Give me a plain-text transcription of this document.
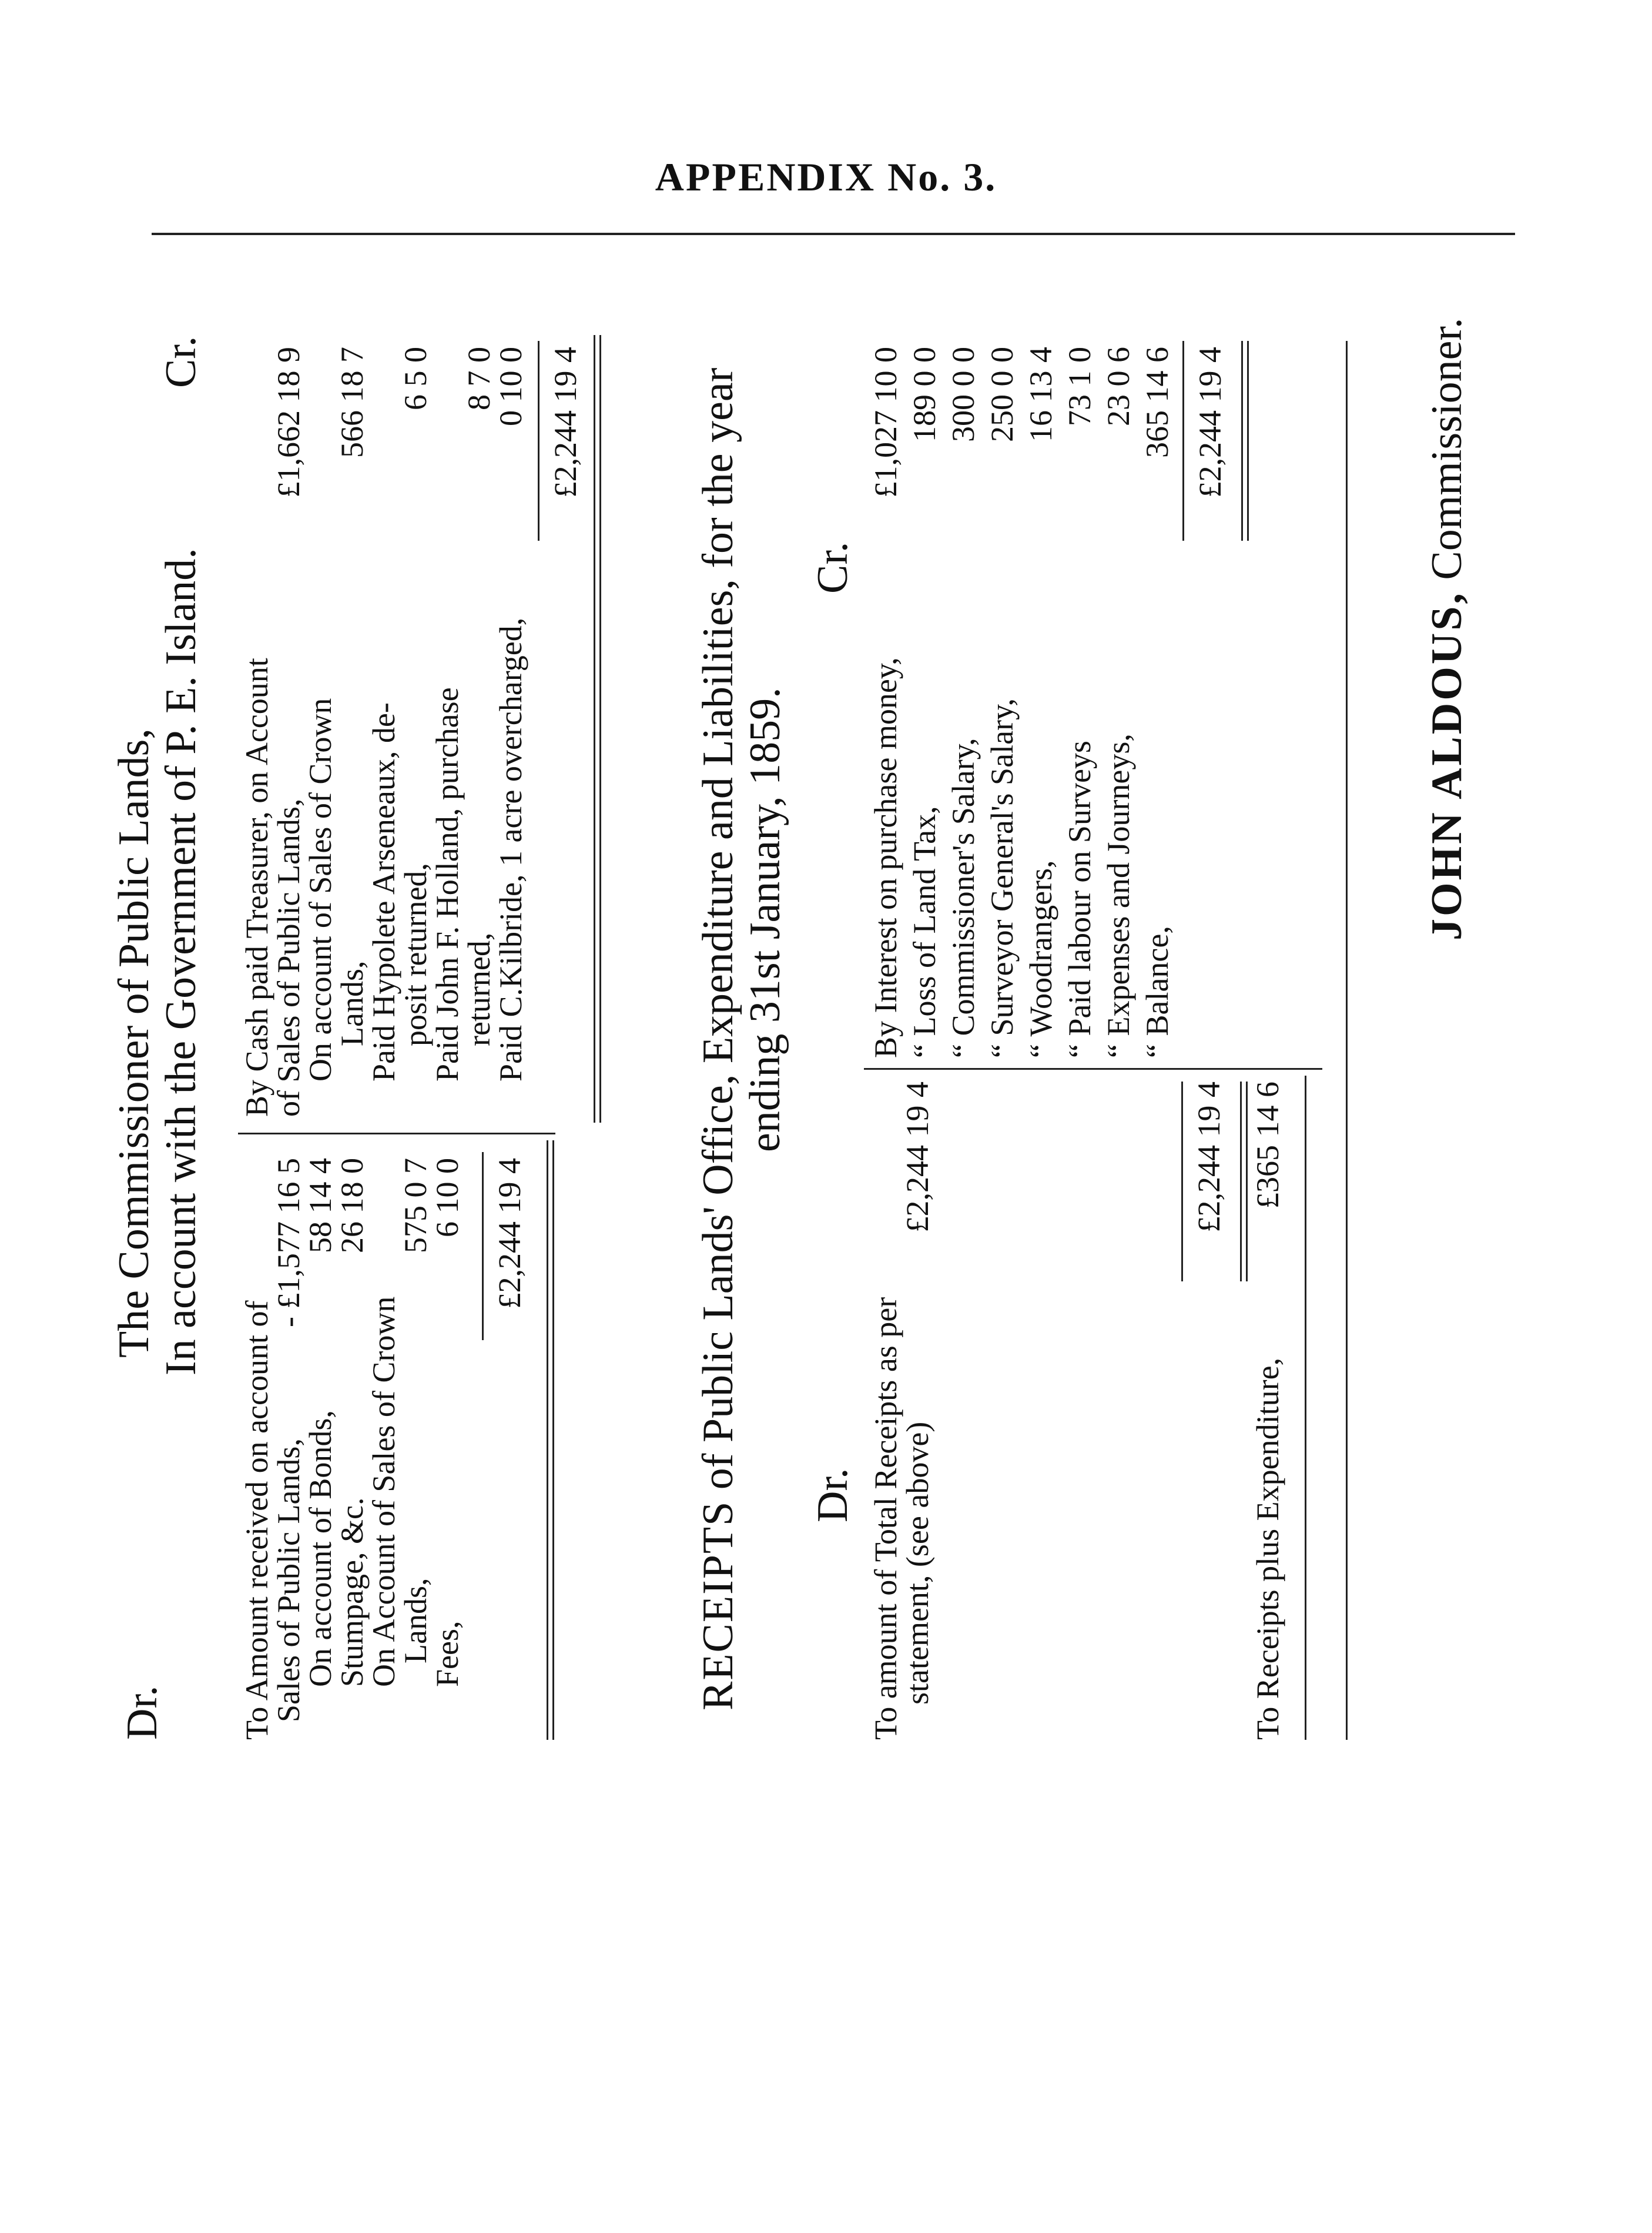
APPENDIX No. 3.
Dr.
The Commissioner of Public Lands,
In account with the Government of P. E. Island.
Cr.
To Amount received on account of
Sales of Public Lands,
- £1,577 16 5
On account of Bonds,
58 14 4
Stumpage, &c.
26 18 0
On Account of Sales of Crown
Lands,
575 0 7
Fees,
6 10 0 £2,244 19 4
By Cash paid Treasurer, on Account
of Sales of Public Lands,
£1,662 18 9
On account of Sales of Crown
Lands,
566 18 7
Paid Hypolete Arseneaux, de-
posit returned,
6 5 0
Paid John F. Holland, purchase
returned,
8 7 0
Paid C.Kilbride, 1 acre overcharged,
0 10 0 £2,244 19 4
RECEIPTS of Public Lands' Office, Expenditure and Liabilities, for the year
ending 31st January, 1859.
Dr.
Cr.
To amount of Total Receipts as per
statement, (see above)
£2,244 19 4	£2,244 19 4
To Receipts plus Expenditure,
£365 14 6
By Interest on purchase money,
£1,027 10 0
“ Loss of Land Tax,
189 0 0
“ Commissioner's Salary,
300 0 0
“ Surveyor General's Salary,
250 0 0
“ Woodrangers,
16 13 4
“ Paid labour on Surveys
73 1 0
“ Expenses and Journeys,
23 0 6
“ Balance,
365 14 6 £2,244 19 4
JOHN ALDOUS, Commissioner.
